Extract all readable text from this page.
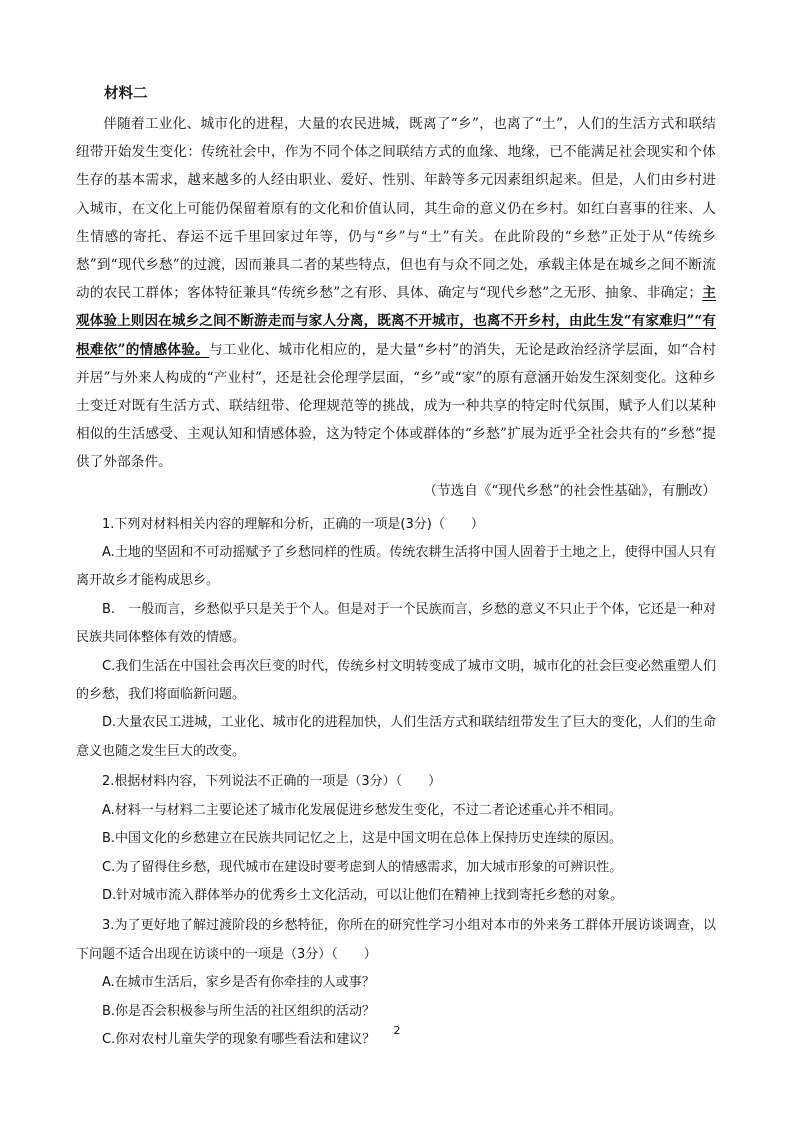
材料二

伴随着工业化、城市化的进程，大量的农民进城，既离了“乡”，也离了“土”，人们的生活方式和联结纽带开始发生变化：传统社会中，作为不同个体之间联结方式的血缘、地缘，已不能满足社会现实和个体生存的基本需求，越来越多的人经由职业、爱好、性别、年龄等多元因素组织起来。但是，人们由乡村进入城市，在文化上可能仍保留着原有的文化和价值认同，其生命的意义仍在乡村。如红白喜事的往来、人生情感的寄托、春运不远千里回家过年等，仍与“乡”与“土”有关。在此阶段的“乡愁”正处于从“传统乡愁”到“现代乡愁”的过渡，因而兼具二者的某些特点，但也有与众不同之处，承载主体是在城乡之间不断流动的农民工群体；客体特征兼具“传统乡愁”之有形、具体、确定与“现代乡愁”之无形、抽象、非确定；主观体验上则因在城乡之间不断游走而与家人分离，既离不开城市，也离不开乡村，由此生发“有家难归”“有根难依”的情感体验。与工业化、城市化相应的，是大量“乡村”的消失，无论是政治经济学层面，如“合村并居”与外来人构成的“产业村”，还是社会伦理学层面，“乡”或“家”的原有意涵开始发生深刻变化。这种乡土变迁对既有生活方式、联结纽带、伦理规范等的挑战，成为一种共享的特定时代氛围，赋予人们以某种相似的生活感受、主观认知和情感体验，这为特定个体或群体的“乡愁”扩展为近乎全社会共有的“乡愁”提供了外部条件。

（节选自《“现代乡愁”的社会性基础》，有删改）

1.下列对材料相关内容的理解和分析，正确的一项是(3分)（　　）

A.土地的坚固和不可动摇赋予了乡愁同样的性质。传统农耕生活将中国人固着于土地之上，使得中国人只有离开故乡才能构成思乡。

B.　一般而言，乡愁似乎只是关于个人。但是对于一个民族而言，乡愁的意义不只止于个体，它还是一种对民族共同体整体有效的情感。

C.我们生活在中国社会再次巨变的时代，传统乡村文明转变成了城市文明，城市化的社会巨变必然重塑人们的乡愁，我们将面临新问题。

D.大量农民工进城，工业化、城市化的进程加快，人们生活方式和联结纽带发生了巨大的变化，人们的生命意义也随之发生巨大的改变。

2.根据材料内容，下列说法不正确的一项是（3分）（　　）

A.材料一与材料二主要论述了城市化发展促进乡愁发生变化，不过二者论述重心并不相同。

B.中国文化的乡愁建立在民族共同记忆之上，这是中国文明在总体上保持历史连续的原因。

C.为了留得住乡愁，现代城市在建设时要考虑到人的情感需求，加大城市形象的可辨识性。

D.针对城市流入群体举办的优秀乡土文化活动，可以让他们在精神上找到寄托乡愁的对象。

3.为了更好地了解过渡阶段的乡愁特征，你所在的研究性学习小组对本市的外来务工群体开展访谈调查，以下问题不适合出现在访谈中的一项是（3分）（　　）

A.在城市生活后，家乡是否有你牵挂的人或事？

B.你是否会积极参与所生活的社区组织的活动？

C.你对农村儿童失学的现象有哪些看法和建议？

2
